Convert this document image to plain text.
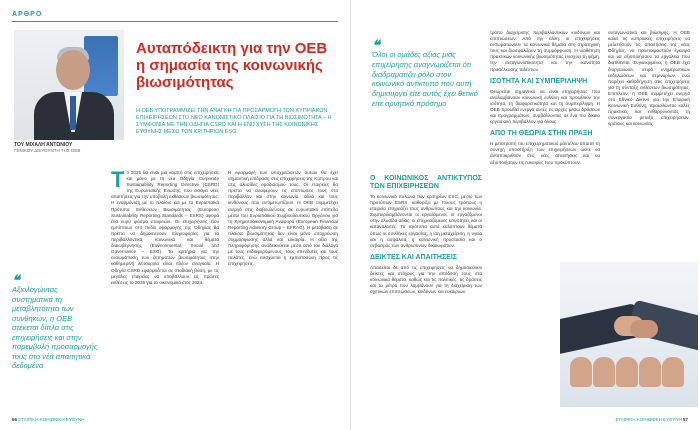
ΑΡΘΡΟ
ΤΟΥ ΜΙΧΑΛΗ ΑΝΤΩΝΙΟΥ
ΓΕΝΙΚΟΥ ΔΙΕΥΘΥΝΤΗ ΤΗΣ ΟΕΒ
Αυταπόδεικτη για την ΟΕΒ η σημασία της κοινωνικής βιωσιμότητας
Η ΟΕΒ ΥΠΟΓΡΑΜΜΙΖΕΙ ΤΗΝ ΑΝΑΓΚΗ ΓΙΑ ΠΡΟΣΑΡΜΟΓΗ ΤΩΝ ΚΥΠΡΙΑΚΩΝ ΕΠΙΧΕΙΡΗΣΕΩΝ ΣΤΟ ΝΕΟ ΚΑΝΟΝΙΣΤΙΚΟ ΠΛΑΙΣΙΟ ΓΙΑ ΤΗ ΒΙΩΣΙΜΟΤΗΤΑ – Η ΣΥΜΦΩΝΙΑ ΜΕ ΤΗΝ ΟΔΗΓΙΑ CSRD ΚΑΙ Η ΕΝΙΣΧΥΣΗ ΤΗΣ ΚΟΙΝΩΝΙΚΗΣ ΕΥΘΥΝΗΣ ΜΕΣΩ ΤΩΝ ΚΡΙΤΗΡΙΩΝ ESG
❝
Αξιολογώντας συστηματικά τη μεταβλητότητα των συνθηκών, η ΟΕΒ στέκεται δίπλα στις επιχειρήσεις και στην παρεμβολή προσαρμογής τους στα νέα απαιτητικά δεδομένα
Τ ο 2025 θα είναι μια καμπή στις επιχειρήσεις και μόνο με τη νέα Οδηγία Corporate Sustainability Reporting Directive (CSRD) της Ευρωπαϊκής Ένωσης, που εισάγει νέες απαιτήσεις για την υποβολή εκθέσεων βιωσιμότητας. Η εναρμόνιση με το πλαίσιο και με τα Ευρωπαϊκά Πρότυπα Εκθέσεων Βιωσιμότητας (European Sustainability Reporting Standards – ESRS) αφορά ένα ευρύ φάσμα εταιρειών. Οι επιχειρήσεις που εμπίπτουν στο πεδίο εφαρμογής της Οδηγίας θα πρέπει να δημοσιεύουν πληροφορίες για τα περιβαλλοντικά, κοινωνικά και θέματα διακυβέρνησης (Environmental, Social and Governance – ESG). Τα κριτήρια για την ενσωμάτωση των ζητημάτων βιωσιμότητας στην καθημερινή λειτουργία είναι πλέον αναγκαία. Η Οδηγία CSRD εφαρμόζεται σε σταδιακή βάση, με τις μεγάλες εταιρείες να υποβάλλουν τις πρώτες εκθέσεις το 2025 για το οικονομικό έτος 2024.
Η εφαρμογή των υποχρεώσεων αυτών θα έχει σημαντική επίδραση στις επιχειρήσεις της Κύπρου και στις αλυσίδες εφοδιασμού τους. Οι εταιρείες θα πρέπει να αναφέρουν τις επιπτώσεις τους στο περιβάλλον και στην κοινωνία, αλλά και τους κινδύνους που αντιμετωπίζουν. Η ΟΕΒ συμμετέχει ενεργά στις διαβουλεύσεις σε ευρωπαϊκό επίπεδο μέσω του Ευρωπαϊκού Συμβουλευτικού Οργάνου για τη Χρηματοοικονομική Αναφορά (European Financial Reporting Advisory Group – EFRAG). Η μετάβαση σε πλαίσιο βιωσιμότητας δεν είναι μόνο υποχρέωση συμμόρφωσης αλλά και ευκαιρία. Η αξία της πληροφόρησης αναδεικνύεται μέσα από τον διάλογο με τους ενδιαφερόμενους, τους επενδυτές και τους πελάτες, ενώ ενισχύεται η εμπιστοσύνη προς τις επιχειρήσεις.
56 ΕΤΑΙΡΙΚΗ ΚΟΙΝΩΝΙΚΗ ΕΥΘΥΝΗ	ΕΤΑΙΡΙΚΗ ΚΟΙΝΩΝΙΚΗ ΕΥΘΥΝΗ 57
❝
Όλοι οι ομάδες αξίας μιας επιχείρησης αναγνωρίζεται ότι διαδραματίζει ρόλο στον κοινωνικό αντίκτυπο που αυτή δημιουργεί είτε αυτός έχει θετικό είτε αρνητικό πρόσημο
Ο ΚΟΙΝΩΝΙΚΟΣ ΑΝΤΙΚΤΥΠΟΣ ΤΩΝ ΕΠΙΧΕΙΡΗΣΕΩΝ
Το κοινωνικό πυλώνα των κριτηρίων ESG, μέσω των προτύπων ESRS, καθορίζει με ποιους τρόπους η εταιρεία επηρεάζει τους ανθρώπους και την κοινωνία. Συμπεριλαμβάνονται οι εργαζόμενοι, οι εργαζόμενοι στην αλυσίδα αξίας, οι επηρεαζόμενες κοινότητες και οι καταναλωτές. Τα πρότυπα αυτά καλύπτουν θέματα όπως οι συνθήκες εργασίας, η ίση μεταχείριση, η υγεία και η ασφάλεια, η κοινωνική προστασία και ο σεβασμός των ανθρωπίνων δικαιωμάτων.
ΔΕΙΚΤΕΣ ΚΑΙ ΑΠΑΙΤΗΣΕΙΣ
Απαιτείται δε από τις επιχειρήσεις να δημοσιεύουν δείκτες και στόχους για την απόδοσή τους στα κοινωνικά θέματα, καθώς και τις πολιτικές, τις δράσεις και τα μέτρα που λαμβάνουν για τη διαχείριση των σχετικών επιπτώσεων, κινδύνων και ευκαιριών.
τρόπο διαχείρισης περιβαλλοντικών κινδύνων και επιπτώσεων. Από την άλλη, οι επιχειρήσεις ενσωματώνουν τα κοινωνικά θέματα στη στρατηγική τους και διασφαλίζουν τη συμμόρφωση. Η υιοθέτηση πρακτικών κοινωνικής βιωσιμότητας ενισχύει τη φήμη, την ανταγωνιστικότητα και την ικανότητα προσέλκυσης ταλέντων.
ΙΣΟΤΗΤΑ ΚΑΙ ΣΥΜΠΕΡΙΛΗΨΗ
Θεωρείται σημαντικό να είναι επιχειρήσεις που αναλαμβάνουν κοινωνική ευθύνη και προωθούν την ισότητα, τη διαφορετικότητα και τη συμπερίληψη. Η ΟΕΒ προωθεί ενεργά αυτές τις αρχές μέσω δράσεων και προγραμμάτων, συμβάλλοντας σε ένα πιο δίκαιο εργασιακό περιβάλλον για όλους.
ΑΠΟ ΤΗ ΘΕΩΡΙΑ ΣΤΗΝ ΠΡΑΞΗ
Η μετατροπή του επιχειρηματικού μοντέλου απαιτεί τη συνεχή υποστήριξη των επιχειρήσεων ώστε να ανταποκριθούν στις νέες απαιτήσεις και να αξιοποιήσουν τις ευκαιρίες που προκύπτουν.
ανταγωνιστικό και βιώσιμης. Η ΟΕΒ καλεί τις κυπριακές επιχειρήσεις να μελετήσουν τις απαιτήσεις της νέας Οδηγίας, να προετοιμαστούν έγκαιρα και να αξιοποιήσουν τα εργαλεία που διατίθενται. Συγκεκριμένα, η ΟΕΒ έχει διοργανώσει σειρά ενημερωτικών εκδηλώσεων και σεμιναρίων, ενώ παρέχει καθοδήγηση στις επιχειρήσεις για τη σύνταξη εκθέσεων βιωσιμότητας. Επιπλέον, η ΟΕΒ συμμετέχει ενεργά στο Εθνικό Δίκτυο για την Εταιρική Κοινωνική Ευθύνη, προωθώντας καλές πρακτικές και ενθαρρύνοντας τη συνεργασία μεταξύ επιχειρήσεων, κράτους και κοινωνίας.
